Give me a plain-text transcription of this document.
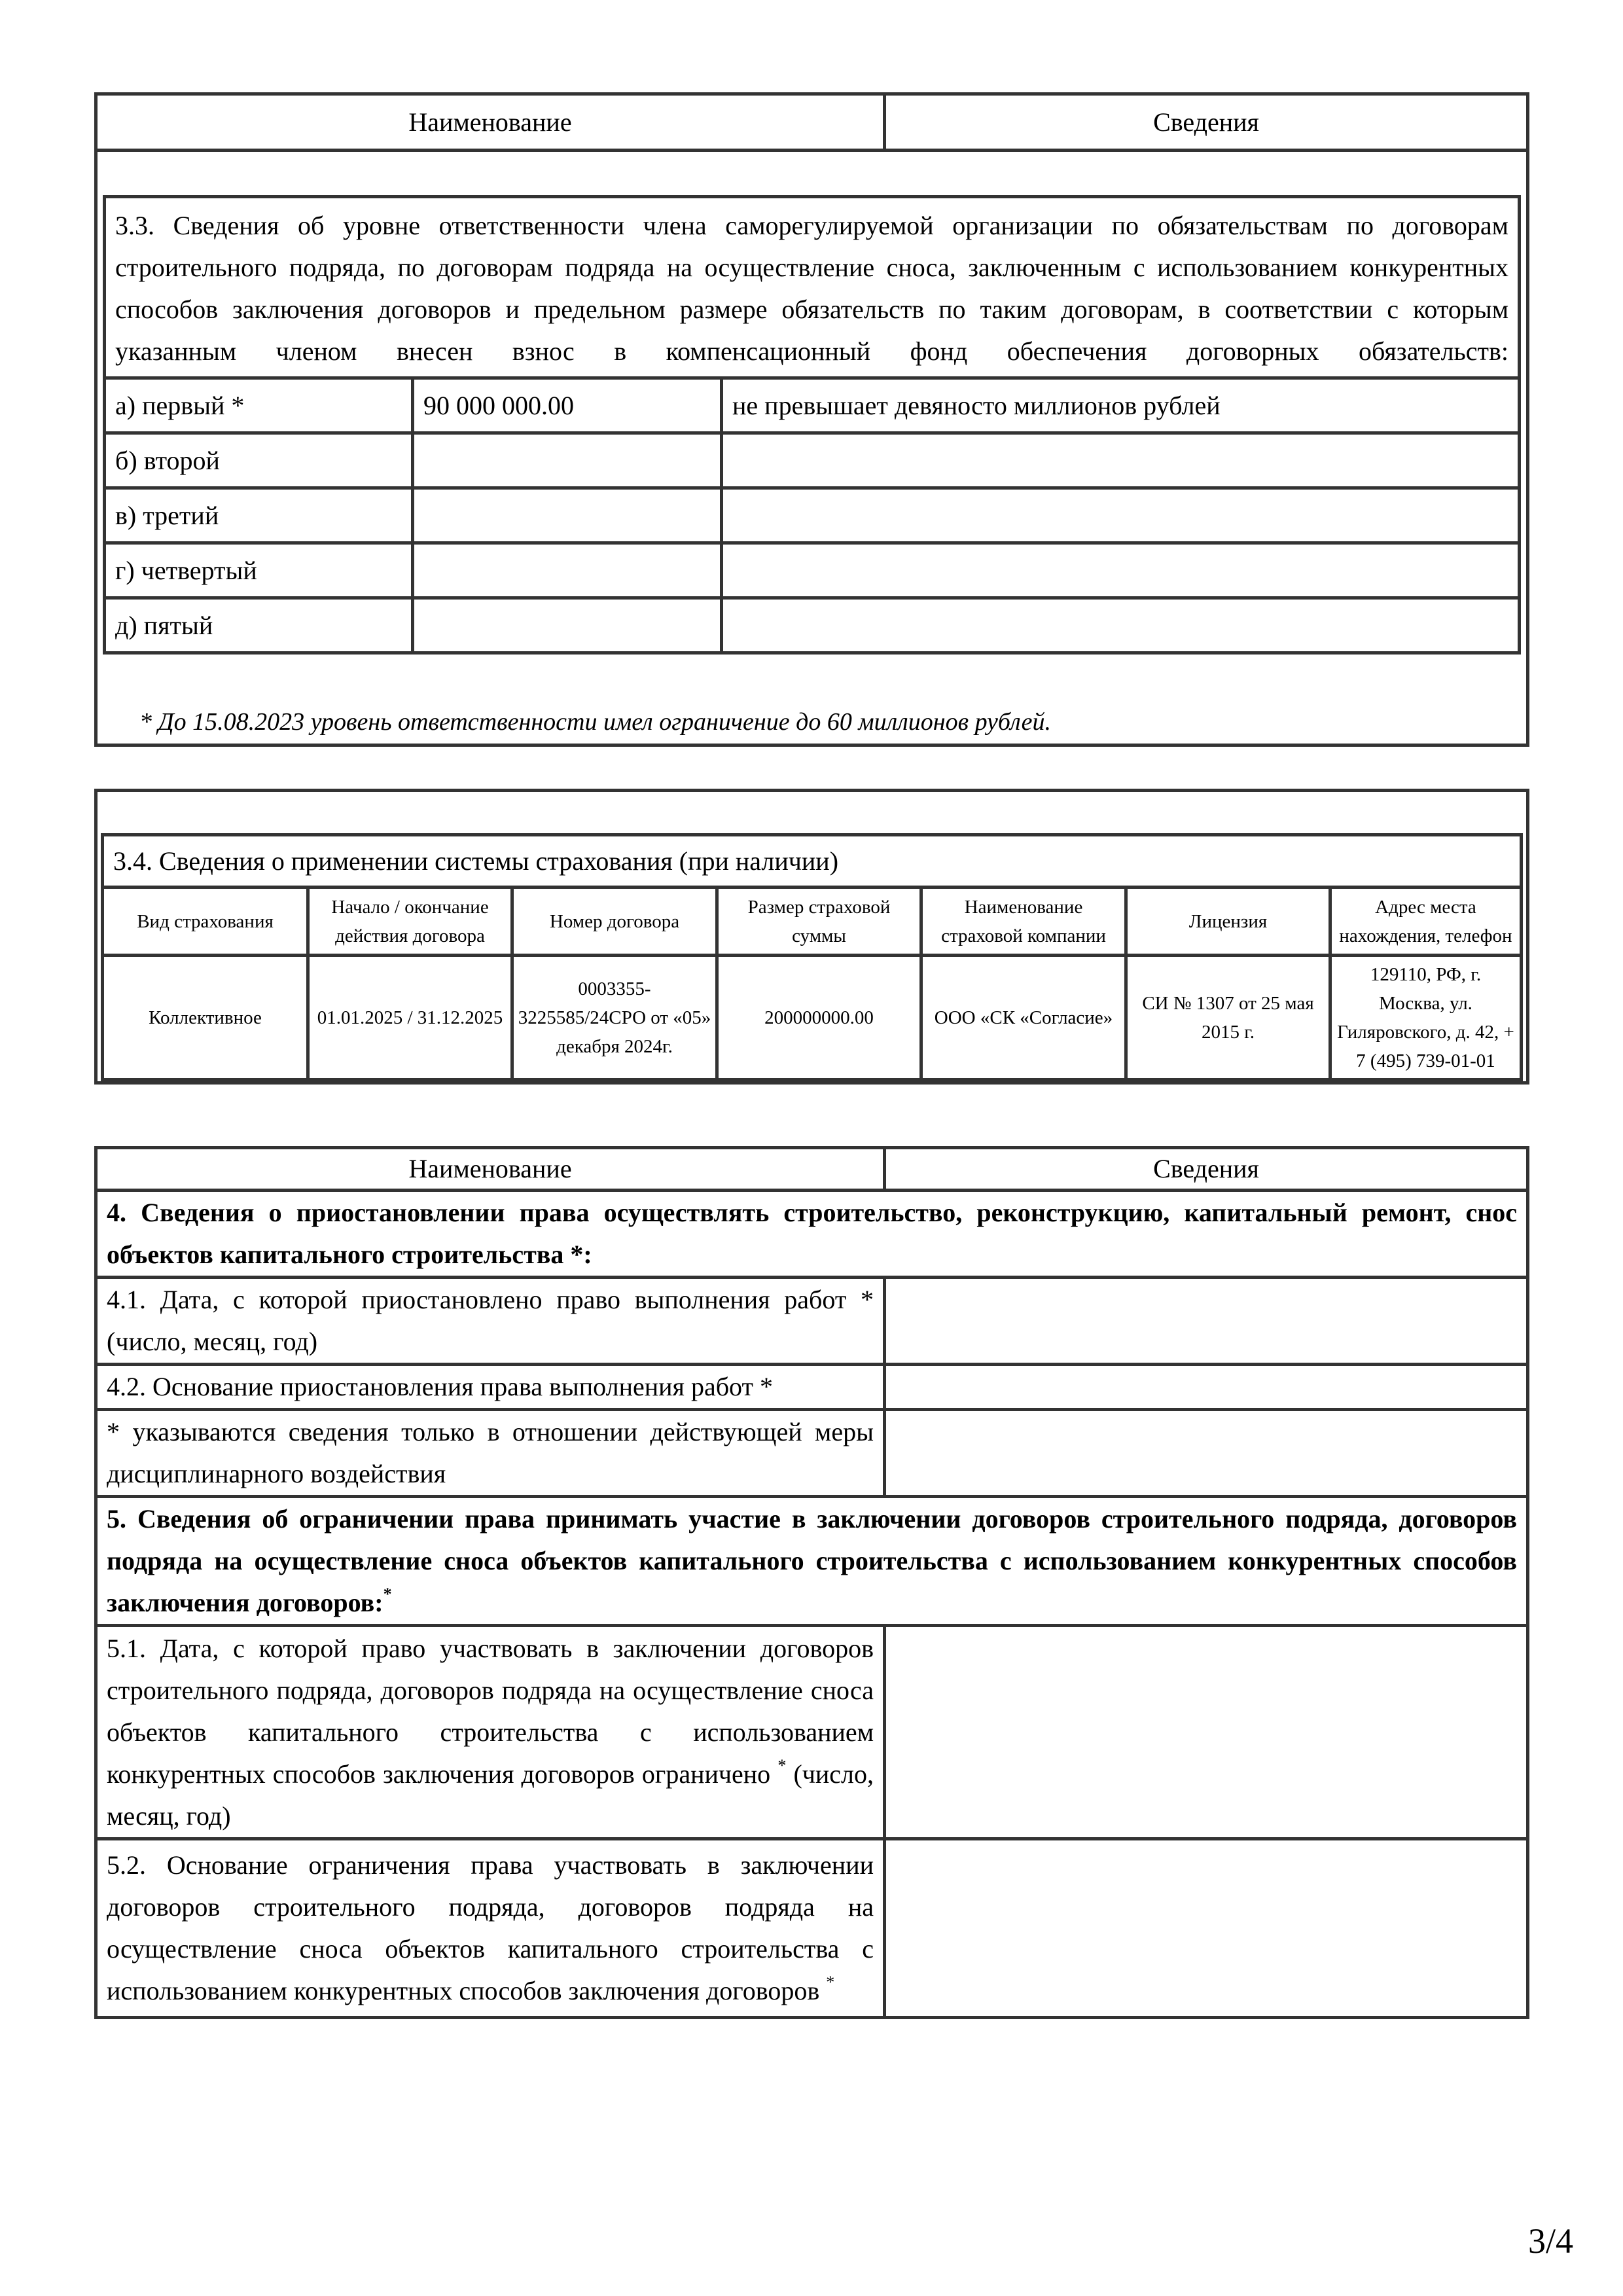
Наименование	Сведения
3.3. Сведения об уровне ответственности члена саморегулируемой организации по обязательствам по договорам строительного подряда, по договорам подряда на осуществление сноса, заключенным с использованием конкурентных способов заключения договоров и предельном размере обязательств по таким договорам, в соответствии с которым указанным членом внесен взнос в компенсационный фонд обеспечения договорных обязательств:		
а) первый *	90 000 000.00	не превышает девяносто миллионов рублей
б) второй		
в) третий		
г) четвертый		
д) пятый		
* До 15.08.2023 уровень ответственности имел ограничение до 60 миллионов рублей.
3.4. Сведения о применении системы страхования (при наличии)						
Вид страхования	Начало / окончание действия договора	Номер договора	Размер страховой суммы	Наименование страховой компании	Лицензия	Адрес места нахождения, телефон
Коллективное	01.01.2025 / 31.12.2025	0003355-3225585/24СРО от «05» декабря 2024г.	200000000.00	ООО «СК «Согласие»	СИ № 1307 от 25 мая 2015 г.	129110, РФ, г. Москва, ул. Гиляровского, д. 42, + 7 (495) 739-01-01
Наименование	Сведения
4. Сведения о приостановлении права осуществлять строительство, реконструкцию, капитальный ремонт, снос объектов капитального строительства *:	
4.1. Дата, с которой приостановлено право выполнения работ * (число, месяц, год)	
4.2. Основание приостановления права выполнения работ *	
* указываются сведения только в отношении действующей меры дисциплинарного воздействия	
5. Сведения об ограничении права принимать участие в заключении договоров строительного подряда, договоров подряда на осуществление сноса объектов капитального строительства с использованием конкурентных способов заключения договоров:*
5.1. Дата, с которой право участвовать в заключении договоров строительного подряда, договоров подряда на осуществление сноса объектов капитального строительства с использованием конкурентных способов заключения договоров ограничено * (число, месяц, год)	
5.2. Основание ограничения права участвовать в заключении договоров строительного подряда, договоров подряда на осуществление сноса объектов капитального строительства с использованием конкурентных способов заключения договоров *	
3/4
